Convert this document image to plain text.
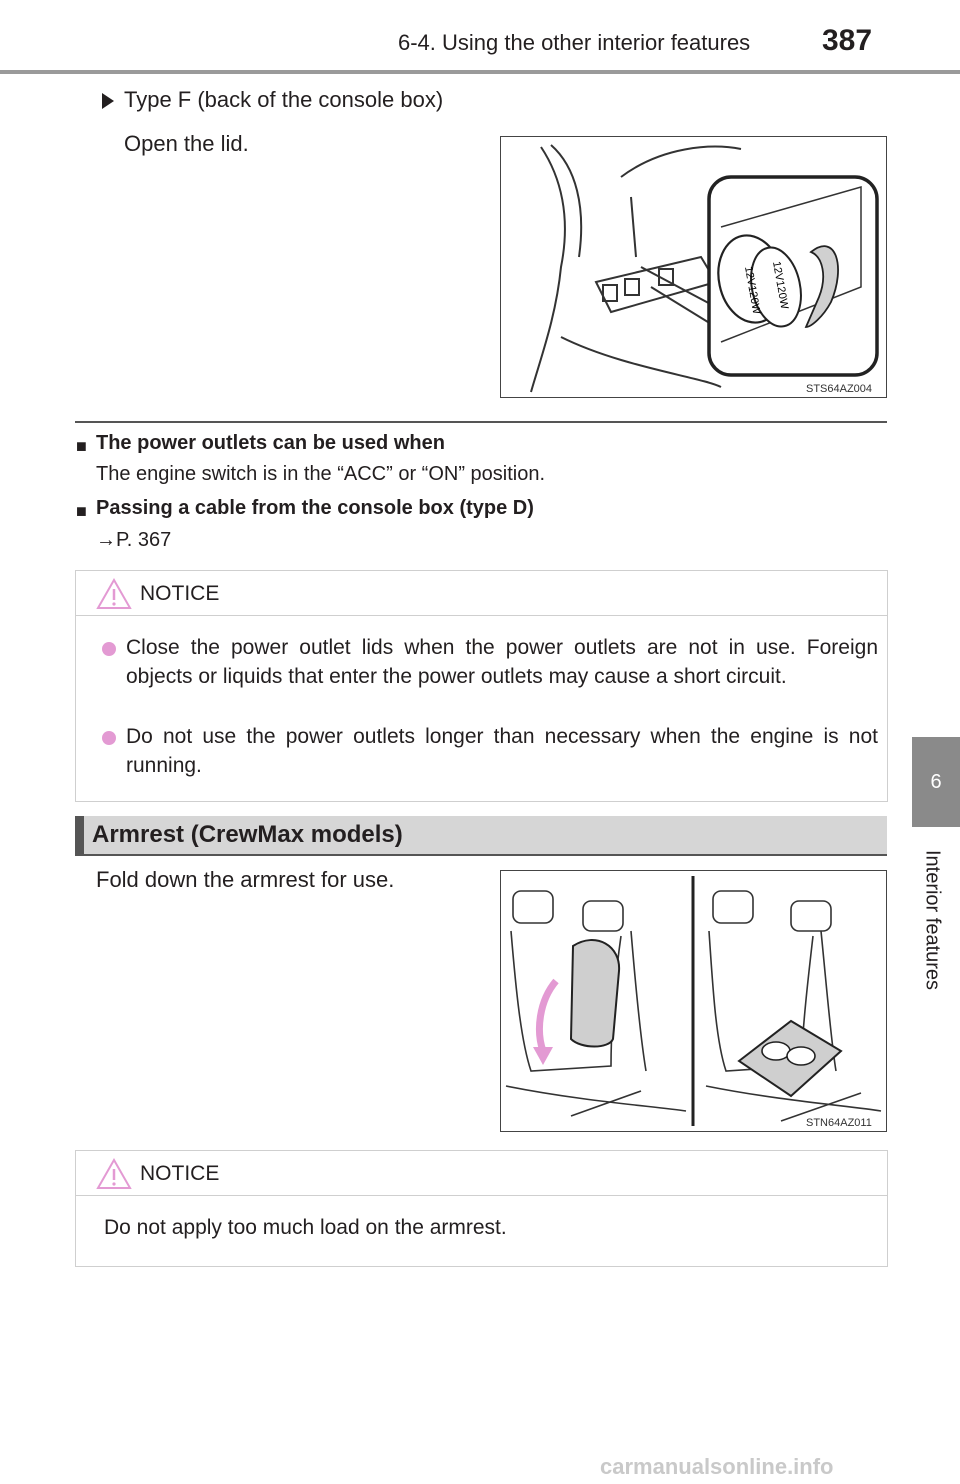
6-4. Using the other interior features 387
6
Interior features
Type F (back of the console box)
Open the lid.
12V120W 12V120W
STS64AZ004
■ The power outlets can be used when
The engine switch is in the “ACC” or “ON” position.
■ Passing a cable from the console box (type D)
→P. 367
NOTICE
Close the power outlet lids when the power outlets are not in use. Foreign objects or liquids that enter the power outlets may cause a short circuit.
Do not use the power outlets longer than necessary when the engine is not running.
Armrest (CrewMax models)
Fold down the armrest for use.
STN64AZ011
NOTICE
Do not apply too much load on the armrest.
carmanualsonline.info
